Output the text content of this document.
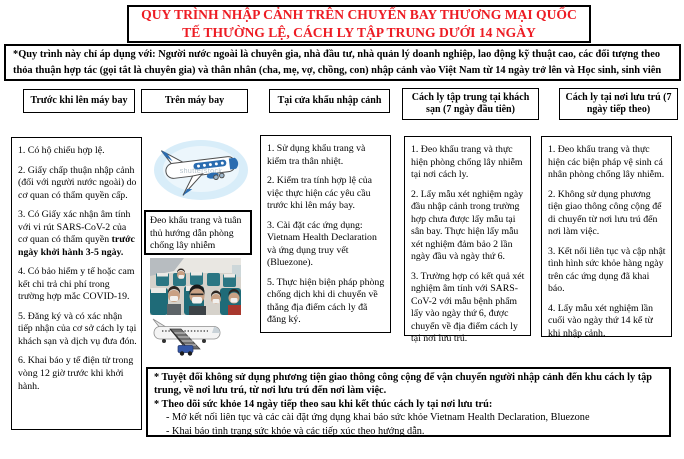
QUY TRÌNH NHẬP CẢNH TRÊN CHUYẾN BAY THƯƠNG MẠI QUỐC TẾ THƯỜNG LỆ, CÁCH LY TẬP TRUNG DƯỚI 14 NGÀY
*Quy trình này chỉ áp dụng với: Người nước ngoài là chuyên gia, nhà đầu tư, nhà quản lý doanh nghiệp, lao động kỹ thuật cao, các đối tượng theo thỏa thuận hợp tác (gọi tắt là chuyên gia) và thân nhân (cha, mẹ, vợ, chồng, con) nhập cảnh vào Việt Nam từ 14 ngày trở lên và Học sinh, sinh viên
Trước khi lên máy bay	Trên máy bay	Tại cửa khẩu nhập cảnh	Cách ly tập trung tại khách sạn (7 ngày đầu tiên)
Cách ly tại nơi lưu trú (7 ngày tiếp theo)

1. Có hộ chiếu hợp lệ.

2. Giấy chấp thuận nhập cảnh (đối với người nước ngoài) do cơ quan có thẩm quyền cấp.

3. Có Giấy xác nhận âm tính với vi rút SARS-CoV-2 của cơ quan có thẩm quyền trước ngày khởi hành 3-5 ngày.

4. Có bảo hiểm y tế hoặc cam kết chi trả chi phí trong trường hợp mắc COVID-19.

5. Đăng ký và có xác nhận tiếp nhận của cơ sở cách ly tại khách sạn và dịch vụ đưa đón.

6. Khai báo y tế điện tử trong vòng 12 giờ trước khi khởi hành.

shutterstock
Đeo khẩu trang và tuân thủ hướng dẫn phòng chống lây nhiễm

1. Sử dụng khẩu trang và kiểm tra thân nhiệt.

2. Kiểm tra tính hợp lệ của việc thực hiện các yêu cầu trước khi lên máy bay.

3. Cài đặt các ứng dụng: Vietnam Health Declaration và ứng dụng truy vết (Bluezone).

5. Thực hiện biện pháp phòng chống dịch khi di chuyển về thẳng địa điểm cách ly đã đăng ký.

1. Đeo khẩu trang và thực hiện phòng chống lây nhiễm tại nơi cách ly.

2. Lấy mẫu xét nghiệm ngày đầu nhập cảnh trong trường hợp chưa được lấy mẫu tại sân bay. Thực hiện lấy mẫu xét nghiệm đảm bảo 2 lần ngày đầu và ngày thứ 6.

3. Trường hợp có kết quả xét nghiệm âm tính với SARS-CoV-2 với mẫu bệnh phẩm lấy vào ngày thứ 6, được chuyển về địa điểm cách ly tại nơi lưu trú.

1. Đeo khẩu trang và thực hiện các biện pháp vệ sinh cá nhân phòng chống lây nhiễm.

2. Không sử dụng phương tiện giao thông công cộng để di chuyển từ nơi lưu trú đến nơi làm việc.

3. Kết nối liên tục và cập nhật tình hình sức khỏe hàng ngày trên các ứng dụng đã khai báo.

4. Lấy mẫu xét nghiệm lần cuối vào ngày thứ 14 kể từ khi nhập cảnh.

* Tuyệt đối không sử dụng phương tiện giao thông công cộng để vận chuyển người nhập cảnh đến khu cách ly tập trung, về nơi lưu trú, từ nơi lưu trú đến nơi làm việc.

* Theo dõi sức khỏe 14 ngày tiếp theo sau khi kết thúc cách ly tại nơi lưu trú:

- Mở kết nối liên tục và các cài đặt ứng dụng khai báo sức khỏe Vietnam Health Declaration, Bluezone

- Khai báo tình trạng sức khỏe và các tiếp xúc theo hướng dẫn.
